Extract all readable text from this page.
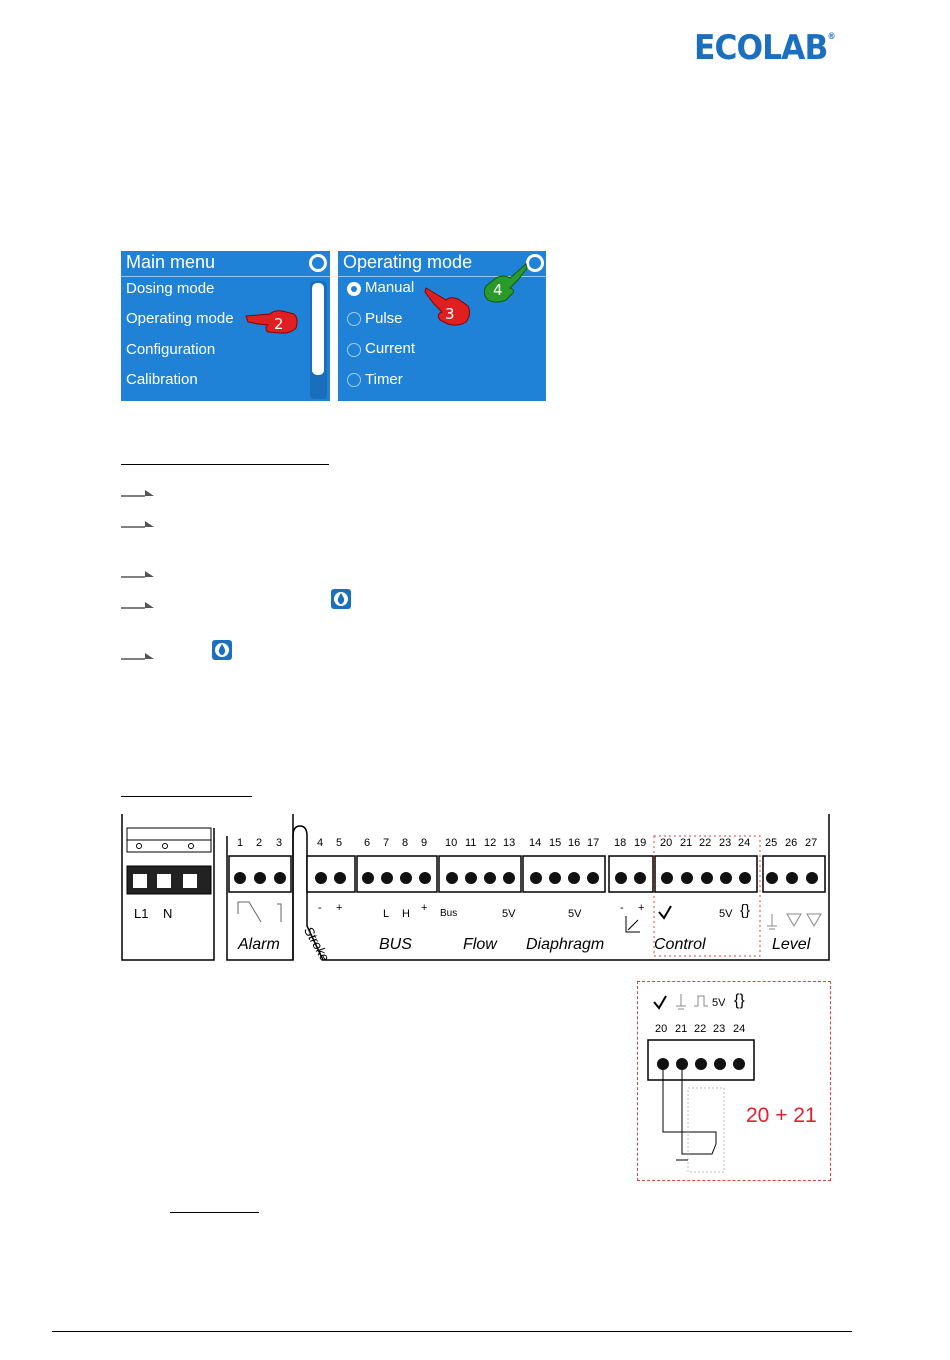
ECOLAB®
Main menu
Dosing mode
Operating mode
Configuration
Calibration
Operating mode
Manual
Pulse
Current
Timer
2
3
4
1 2 3	4 5 6 7 8 9 10 11 12 13 14 15 16 17 18 19 20 21 22 23 24 25 26 27
L1 N	- +	L H + Bus	5V	5V	- +	5V {}
Alarm Stroke	BUS	Flow Diaphragm	Control	Level
5V {}
20 21 22 23 24
20 + 21
